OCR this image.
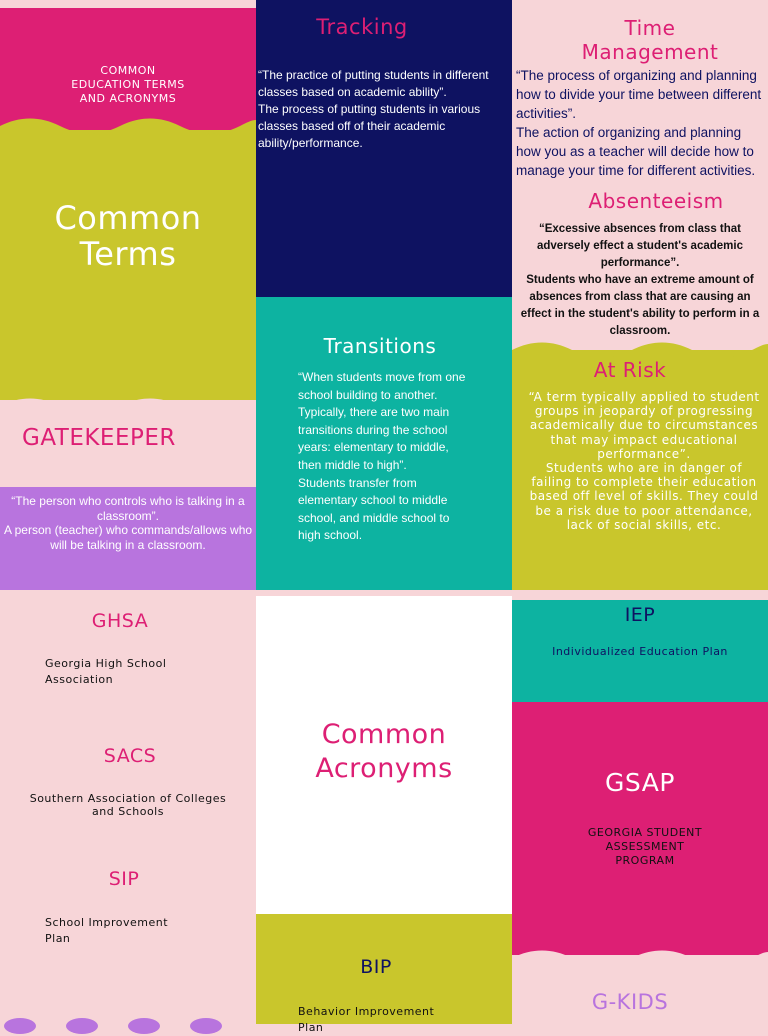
COMMON
EDUCATION TERMS
AND ACRONYMS
Common
Terms
GATEKEEPER
“The person who controls who is talking in a classroom”.
A person (teacher) who commands/allows who will be talking in a classroom.
Tracking
“The practice of putting students in different classes based on academic ability”.
The process of putting students in various classes based off of their academic ability/performance.
Transitions
“When students move from one school building to another. Typically, there are two main transitions during the school years: elementary to middle, then middle to high”.
Students transfer from elementary school to middle school, and middle school to high school.
Time
Management
“The process of organizing and planning how to divide your time between different activities”.
The action of organizing and planning how you as a teacher will decide how to manage your time for different activities.
Absenteeism
“Excessive absences from class that adversely effect a student's academic performance”.
Students who have an extreme amount of absences from class that are causing an effect in the student's ability to perform in a classroom.
At Risk
“A term typically applied to student groups in jeopardy of progressing academically due to circumstances that may impact educational performance”.
Students who are in danger of failing to complete their education based off level of skills. They could be a risk due to poor attendance, lack of social skills, etc.
GHSA
Georgia High School
Association
SACS
Southern Association of Colleges
and Schools
SIP
School Improvement
Plan
Common
Acronyms
BIP
Behavior Improvement
Plan
IEP
Individualized Education Plan
GSAP
GEORGIA STUDENT
ASSESSMENT
PROGRAM
G-KIDS
